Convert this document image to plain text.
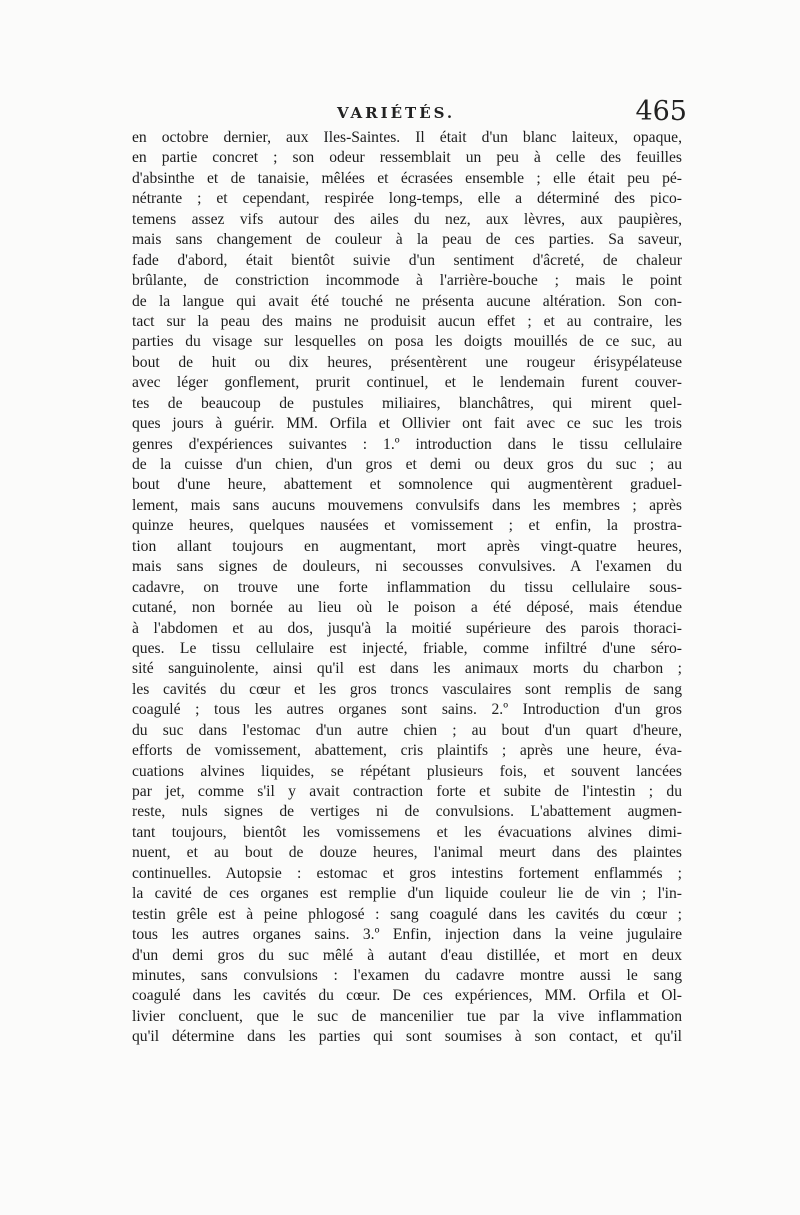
VARIÉTÉS.	465
en octobre dernier, aux Iles-Saintes. Il était d'un blanc laiteux, opaque,
en partie concret ; son odeur ressemblait un peu à celle des feuilles
d'absinthe et de tanaisie, mêlées et écrasées ensemble ; elle était peu pé-
nétrante ; et cependant, respirée long-temps, elle a déterminé des pico-
temens assez vifs autour des ailes du nez, aux lèvres, aux paupières,
mais sans changement de couleur à la peau de ces parties. Sa saveur,
fade d'abord, était bientôt suivie d'un sentiment d'âcreté, de chaleur
brûlante, de constriction incommode à l'arrière-bouche ; mais le point
de la langue qui avait été touché ne présenta aucune altération. Son con-
tact sur la peau des mains ne produisit aucun effet ; et au contraire, les
parties du visage sur lesquelles on posa les doigts mouillés de ce suc, au
bout de huit ou dix heures, présentèrent une rougeur érisypélateuse
avec léger gonflement, prurit continuel, et le lendemain furent couver-
tes de beaucoup de pustules miliaires, blanchâtres, qui mirent quel-
ques jours à guérir. MM. Orfila et Ollivier ont fait avec ce suc les trois
genres d'expériences suivantes : 1.º introduction dans le tissu cellulaire
de la cuisse d'un chien, d'un gros et demi ou deux gros du suc ; au
bout d'une heure, abattement et somnolence qui augmentèrent graduel-
lement, mais sans aucuns mouvemens convulsifs dans les membres ; après
quinze heures, quelques nausées et vomissement ; et enfin, la prostra-
tion allant toujours en augmentant, mort après vingt-quatre heures,
mais sans signes de douleurs, ni secousses convulsives. A l'examen du
cadavre, on trouve une forte inflammation du tissu cellulaire sous-
cutané, non bornée au lieu où le poison a été déposé, mais étendue
à l'abdomen et au dos, jusqu'à la moitié supérieure des parois thoraci-
ques. Le tissu cellulaire est injecté, friable, comme infiltré d'une séro-
sité sanguinolente, ainsi qu'il est dans les animaux morts du charbon ;
les cavités du cœur et les gros troncs vasculaires sont remplis de sang
coagulé ; tous les autres organes sont sains. 2.º Introduction d'un gros
du suc dans l'estomac d'un autre chien ; au bout d'un quart d'heure,
efforts de vomissement, abattement, cris plaintifs ; après une heure, éva-
cuations alvines liquides, se répétant plusieurs fois, et souvent lancées
par jet, comme s'il y avait contraction forte et subite de l'intestin ; du
reste, nuls signes de vertiges ni de convulsions. L'abattement augmen-
tant toujours, bientôt les vomissemens et les évacuations alvines dimi-
nuent, et au bout de douze heures, l'animal meurt dans des plaintes
continuelles. Autopsie : estomac et gros intestins fortement enflammés ;
la cavité de ces organes est remplie d'un liquide couleur lie de vin ; l'in-
testin grêle est à peine phlogosé : sang coagulé dans les cavités du cœur ;
tous les autres organes sains. 3.º Enfin, injection dans la veine jugulaire
d'un demi gros du suc mêlé à autant d'eau distillée, et mort en deux
minutes, sans convulsions : l'examen du cadavre montre aussi le sang
coagulé dans les cavités du cœur. De ces expériences, MM. Orfila et Ol-
livier concluent, que le suc de mancenilier tue par la vive inflammation
qu'il détermine dans les parties qui sont soumises à son contact, et qu'il
